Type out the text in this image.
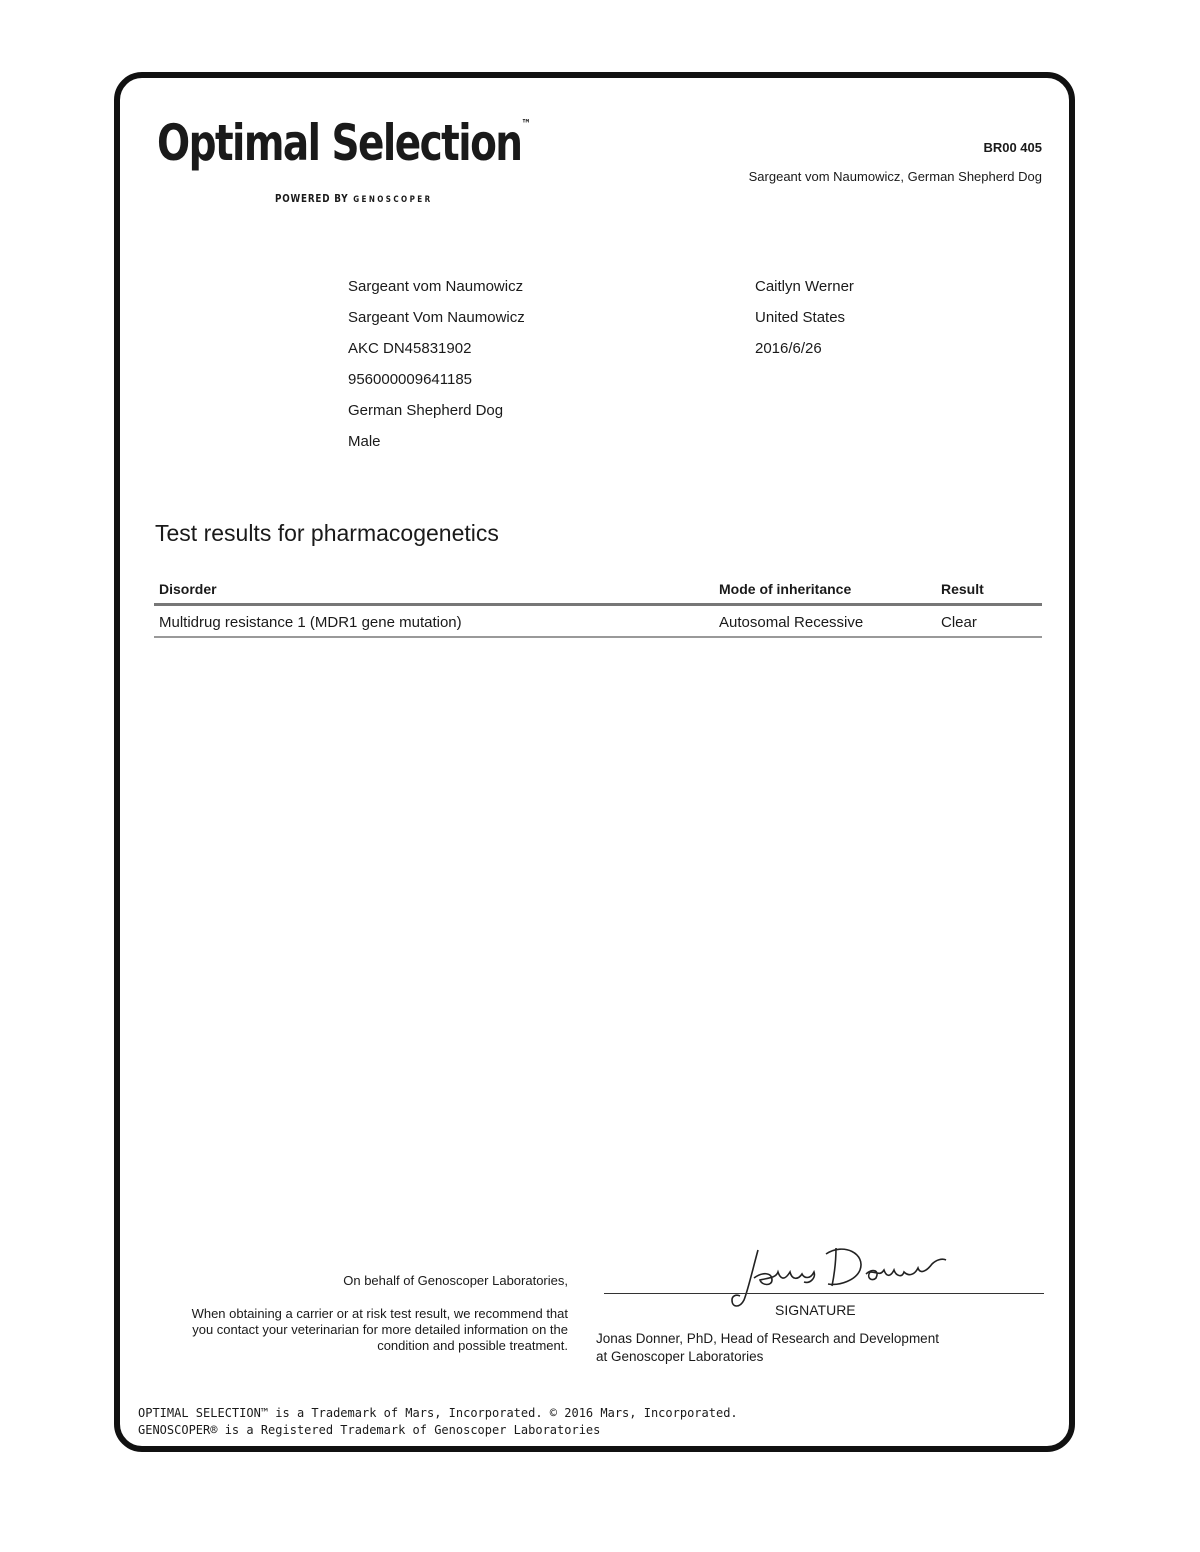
Optimal Selection™
POWERED BY GENOSCOPER
BR00 405
Sargeant vom Naumowicz, German Shepherd Dog
Sargeant vom Naumowicz
Sargeant Vom Naumowicz
AKC DN45831902
956000009641185
German Shepherd Dog
Male
Caitlyn Werner
United States
2016/6/26
Test results for pharmacogenetics
Disorder	Mode of inheritance	Result
Multidrug resistance 1 (MDR1 gene mutation)	Autosomal Recessive	Clear
On behalf of Genoscoper Laboratories,
When obtaining a carrier or at risk test result, we recommend that you contact your veterinarian for more detailed information on the condition and possible treatment.
SIGNATURE
Jonas Donner, PhD, Head of Research and Development
at Genoscoper Laboratories
OPTIMAL SELECTION™ is a Trademark of Mars, Incorporated. © 2016 Mars, Incorporated.
GENOSCOPER® is a Registered Trademark of Genoscoper Laboratories
